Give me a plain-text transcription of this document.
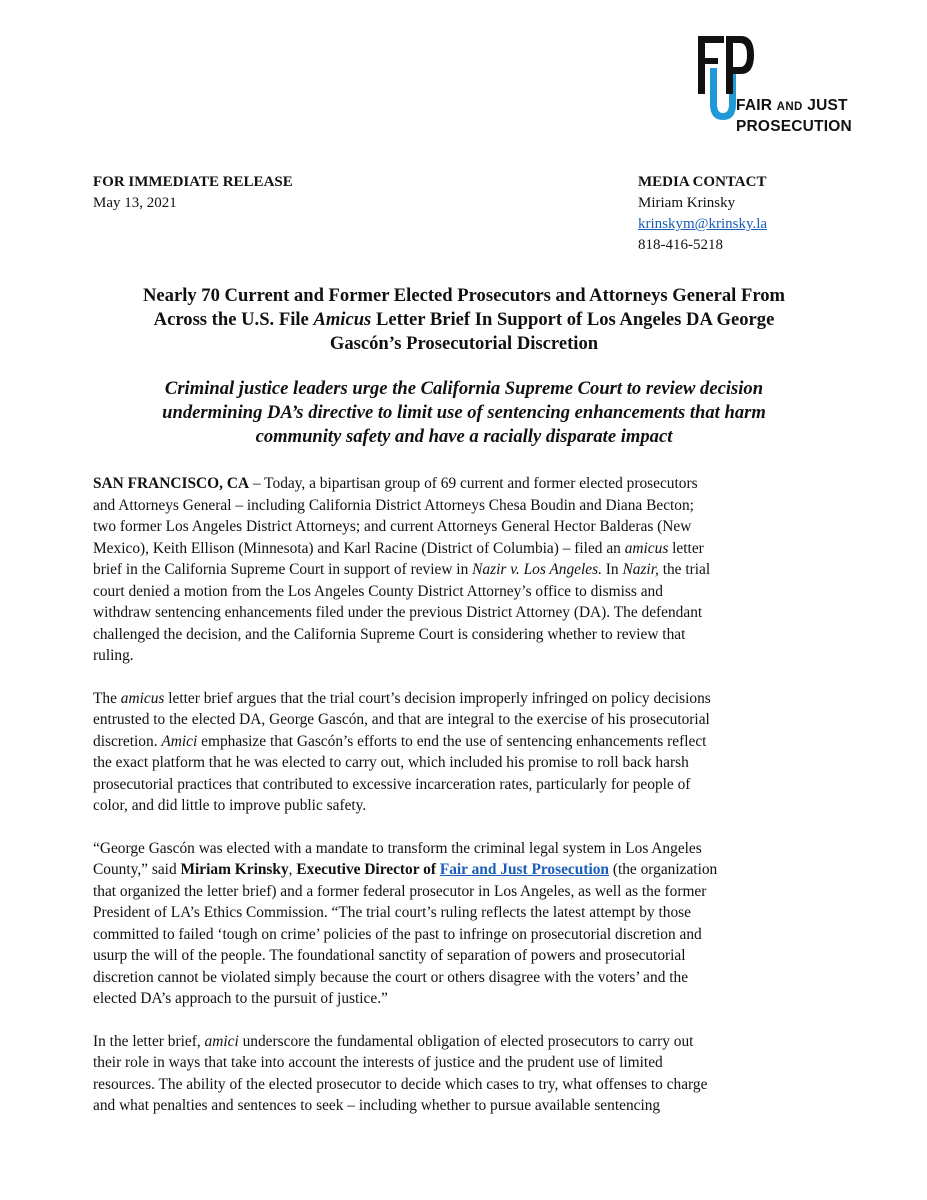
FAIR AND JUST
PROSECUTION
FOR IMMEDIATE RELEASE
May 13, 2021
MEDIA CONTACT
Miriam Krinsky
krinskym@krinsky.la
818-416-5218
Nearly 70 Current and Former Elected Prosecutors and Attorneys General From
Across the U.S. File Amicus Letter Brief In Support of Los Angeles DA George
Gascón’s Prosecutorial Discretion
Criminal justice leaders urge the California Supreme Court to review decision
undermining DA’s directive to limit use of sentencing enhancements that harm
community safety and have a racially disparate impact

SAN FRANCISCO, CA – Today, a bipartisan group of 69 current and former elected prosecutors
and Attorneys General – including California District Attorneys Chesa Boudin and Diana Becton;
two former Los Angeles District Attorneys; and current Attorneys General Hector Balderas (New
Mexico), Keith Ellison (Minnesota) and Karl Racine (District of Columbia) – filed an amicus letter
brief in the California Supreme Court in support of review in Nazir v. Los Angeles. In Nazir, the trial
court denied a motion from the Los Angeles County District Attorney’s office to dismiss and
withdraw sentencing enhancements filed under the previous District Attorney (DA). The defendant
challenged the decision, and the California Supreme Court is considering whether to review that
ruling.

The amicus letter brief argues that the trial court’s decision improperly infringed on policy decisions
entrusted to the elected DA, George Gascón, and that are integral to the exercise of his prosecutorial
discretion. Amici emphasize that Gascón’s efforts to end the use of sentencing enhancements reflect
the exact platform that he was elected to carry out, which included his promise to roll back harsh
prosecutorial practices that contributed to excessive incarceration rates, particularly for people of
color, and did little to improve public safety.

“George Gascón was elected with a mandate to transform the criminal legal system in Los Angeles
County,” said Miriam Krinsky, Executive Director of Fair and Just Prosecution (the organization
that organized the letter brief) and a former federal prosecutor in Los Angeles, as well as the former
President of LA’s Ethics Commission. “The trial court’s ruling reflects the latest attempt by those
committed to failed ‘tough on crime’ policies of the past to infringe on prosecutorial discretion and
usurp the will of the people. The foundational sanctity of separation of powers and prosecutorial
discretion cannot be violated simply because the court or others disagree with the voters’ and the
elected DA’s approach to the pursuit of justice.”

In the letter brief, amici underscore the fundamental obligation of elected prosecutors to carry out
their role in ways that take into account the interests of justice and the prudent use of limited
resources. The ability of the elected prosecutor to decide which cases to try, what offenses to charge
and what penalties and sentences to seek – including whether to pursue available sentencing
